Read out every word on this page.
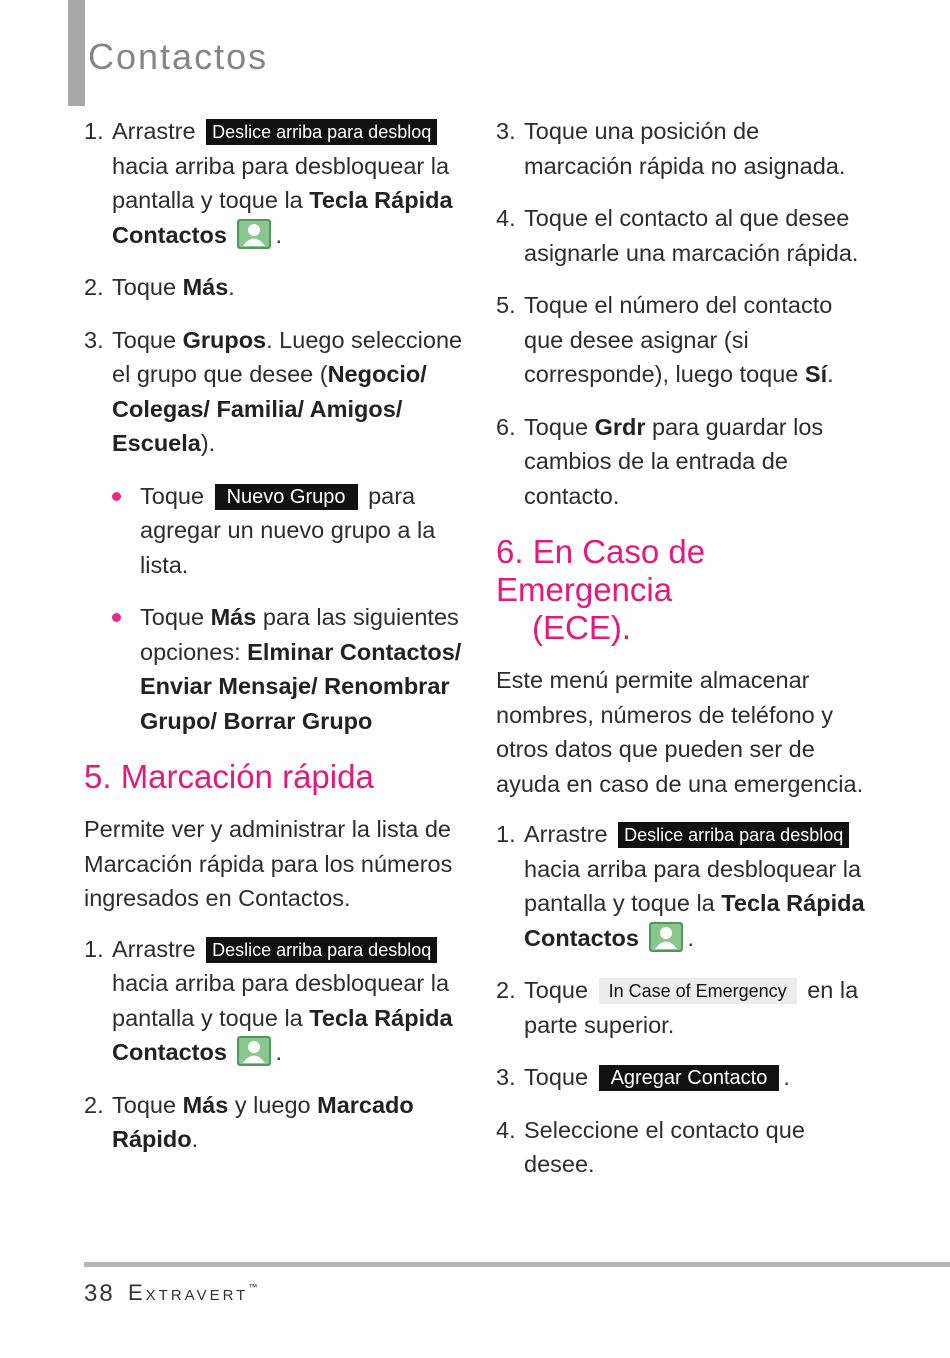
Contactos
1. Arrastre Deslice arriba para desbloq hacia arriba para desbloquear la pantalla y toque la Tecla Rápida Contactos .
2. Toque Más.
3. Toque Grupos. Luego seleccione el grupo que desee (Negocio/ Colegas/ Familia/ Amigos/ Escuela).
Toque Nuevo Grupo para agregar un nuevo grupo a la lista.
Toque Más para las siguientes opciones: Elminar Contactos/ Enviar Mensaje/ Renombrar Grupo/ Borrar Grupo
5. Marcación rápida

Permite ver y administrar la lista de Marcación rápida para los números ingresados en Contactos.

1. Arrastre Deslice arriba para desbloq hacia arriba para desbloquear la pantalla y toque la Tecla Rápida Contactos .
2. Toque Más y luego Marcado Rápido.
3. Toque una posición de marcación rápida no asignada.
4. Toque el contacto al que desee asignarle una marcación rápida.
5. Toque el número del contacto que desee asignar (si corresponde), luego toque Sí.
6. Toque Grdr para guardar los cambios de la entrada de contacto.
6. En Caso de Emergencia
(ECE).

Este menú permite almacenar nombres, números de teléfono y otros datos que pueden ser de ayuda en caso de una emergencia.

1. Arrastre Deslice arriba para desbloq hacia arriba para desbloquear la pantalla y toque la Tecla Rápida Contactos .
2. Toque In Case of Emergency en la parte superior.
3. Toque Agregar Contacto .
4. Seleccione el contacto que desee.
38 Extravert™
